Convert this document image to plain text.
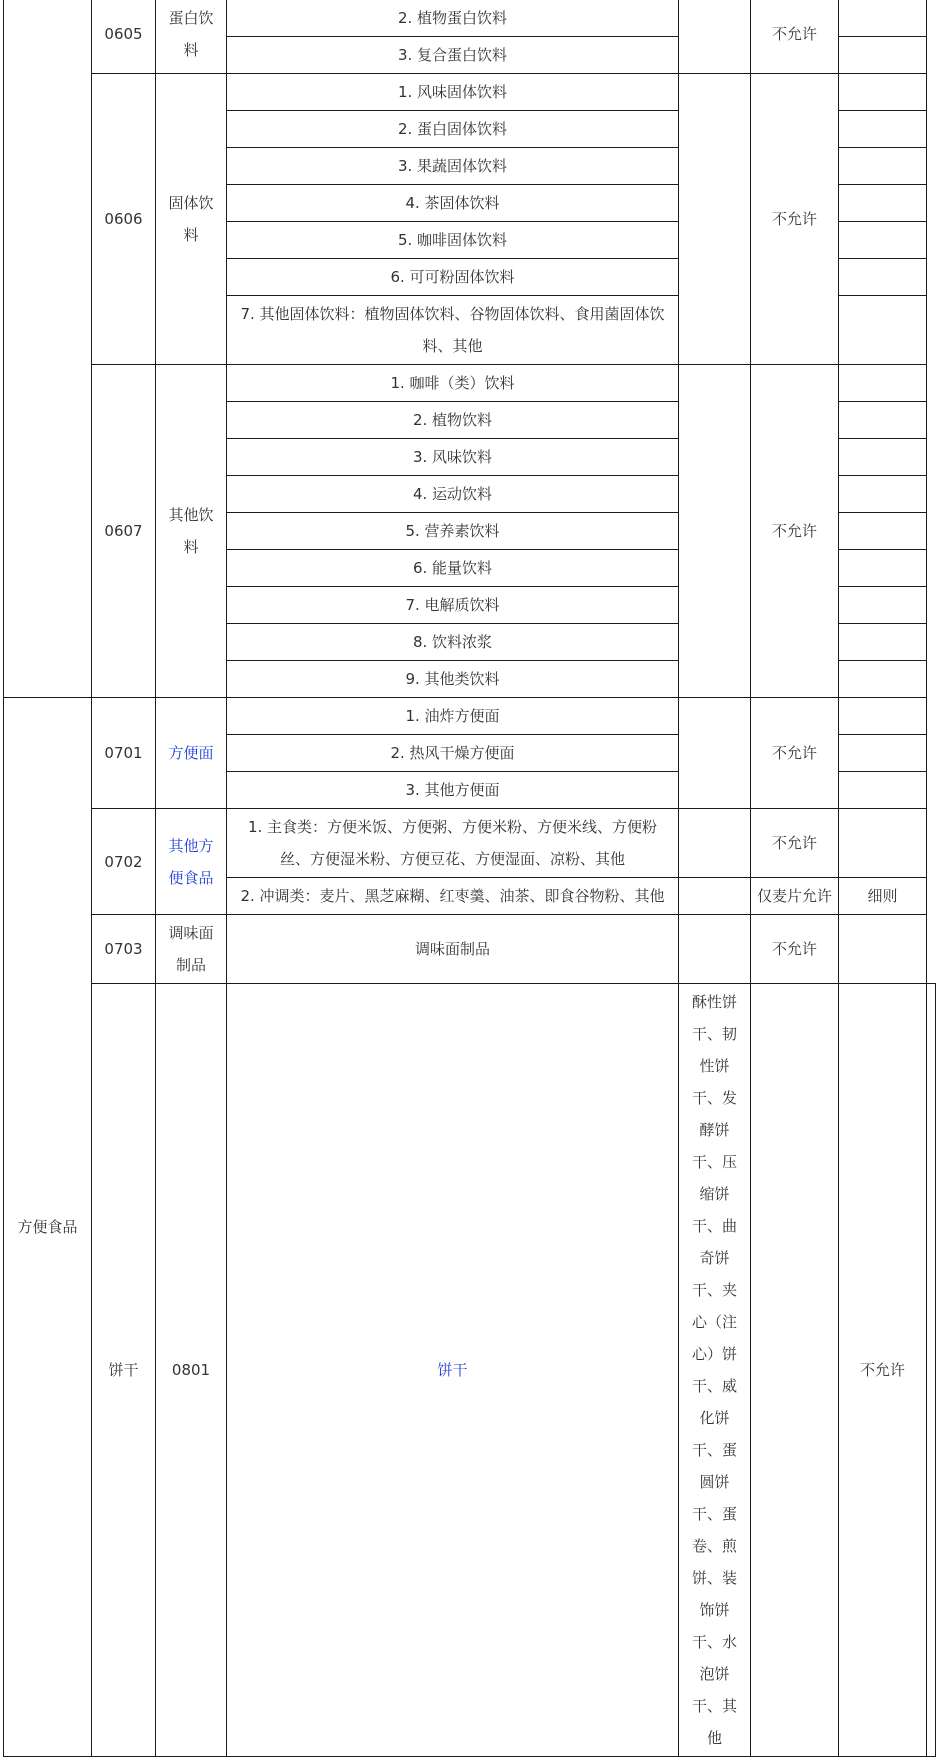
	0605	蛋白饮料			不允许		
			2. 植物蛋白饮料				
			3. 复合蛋白饮料				
	0606	固体饮料	1. 风味固体饮料		不允许		
			2. 蛋白固体饮料				
			3. 果蔬固体饮料				
			4. 茶固体饮料				
			5. 咖啡固体饮料				
			6. 可可粉固体饮料				
			7. 其他固体饮料：植物固体饮料、谷物固体饮料、食用菌固体饮料、其他				
	0607	其他饮料	1. 咖啡（类）饮料		不允许		
			2. 植物饮料				
			3. 风味饮料				
			4. 运动饮料				
			5. 营养素饮料				
			6. 能量饮料				
			7. 电解质饮料				
			8. 饮料浓浆				
			9. 其他类饮料				
方便食品	0701	方便面	1. 油炸方便面		不允许		
			2. 热风干燥方便面				
			3. 其他方便面				
	0702	其他方便食品	1. 主食类：方便米饭、方便粥、方便米粉、方便米线、方便粉丝、方便湿米粉、方便豆花、方便湿面、凉粉、其他		不允许		
			2. 冲调类：麦片、黑芝麻糊、红枣羹、油茶、即食谷物粉、其他		仅麦片允许	细则	
	0703	调味面制品	调味面制品		不允许		
	饼干	0801	饼干	酥性饼干、韧性饼干、发酵饼干、压缩饼干、曲奇饼干、夹心（注心）饼干、威化饼干、蛋圆饼干、蛋卷、煎饼、装饰饼干、水泡饼干、其他		不允许	
